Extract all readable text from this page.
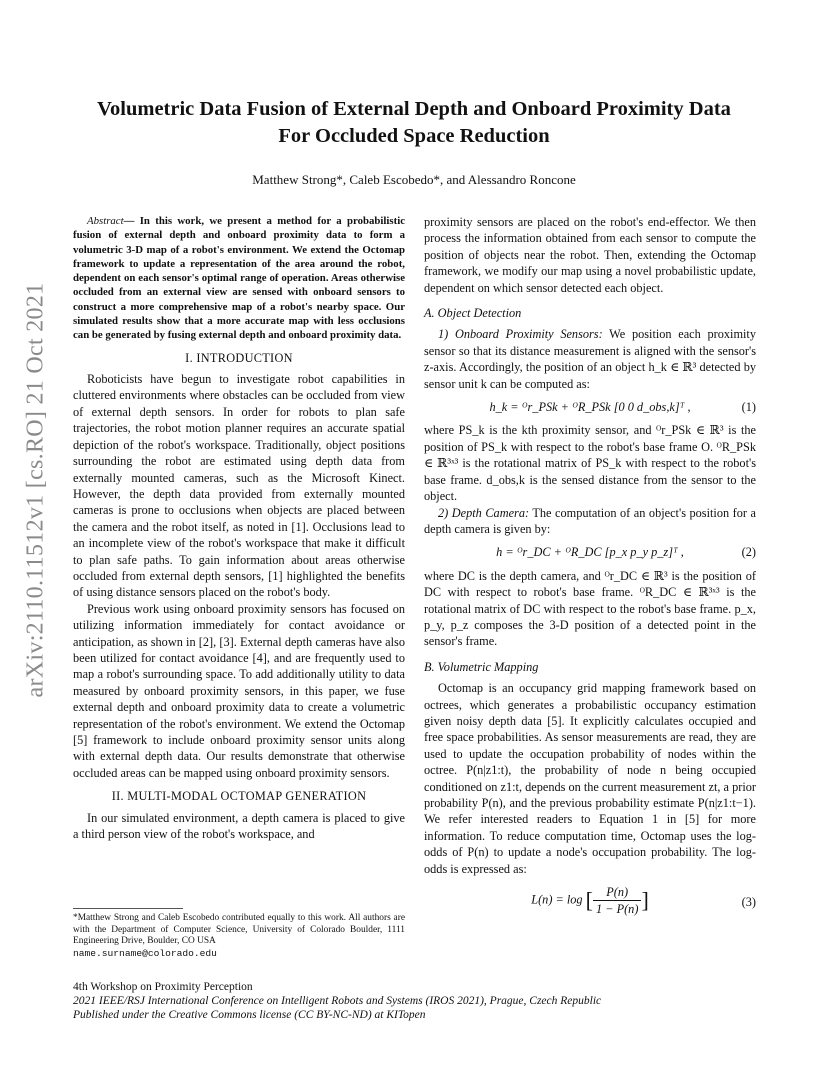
arXiv:2110.11512v1 [cs.RO] 21 Oct 2021
Volumetric Data Fusion of External Depth and Onboard Proximity Data For Occluded Space Reduction
Matthew Strong*, Caleb Escobedo*, and Alessandro Roncone

Abstract— In this work, we present a method for a probabilistic fusion of external depth and onboard proximity data to form a volumetric 3-D map of a robot's environment. We extend the Octomap framework to update a representation of the area around the robot, dependent on each sensor's optimal range of operation. Areas otherwise occluded from an external view are sensed with onboard sensors to construct a more comprehensive map of a robot's nearby space. Our simulated results show that a more accurate map with less occlusions can be generated by fusing external depth and onboard proximity data.

I. INTRODUCTION

Roboticists have begun to investigate robot capabilities in cluttered environments where obstacles can be occluded from view of external depth sensors. In order for robots to plan safe trajectories, the robot motion planner requires an accurate spatial depiction of the robot's workspace. Traditionally, object positions surrounding the robot are estimated using depth data from externally mounted cameras, such as the Microsoft Kinect. However, the depth data provided from externally mounted cameras is prone to occlusions when objects are placed between the camera and the robot itself, as noted in [1]. Occlusions lead to an incomplete view of the robot's workspace that make it difficult to plan safe paths. To gain information about areas otherwise occluded from external depth sensors, [1] highlighted the benefits of using distance sensors placed on the robot's body.

Previous work using onboard proximity sensors has focused on utilizing information immediately for contact avoidance or anticipation, as shown in [2], [3]. External depth cameras have also been utilized for contact avoidance [4], and are frequently used to map a robot's surrounding space. To add additionally utility to data measured by onboard proximity sensors, in this paper, we fuse external depth and onboard proximity data to create a volumetric representation of the robot's environment. We extend the Octomap [5] framework to include onboard proximity sensor units along with external depth data. Our results demonstrate that otherwise occluded areas can be mapped using onboard proximity sensors.

II. MULTI-MODAL OCTOMAP GENERATION

In our simulated environment, a depth camera is placed to give a third person view of the robot's workspace, and

proximity sensors are placed on the robot's end-effector. We then process the information obtained from each sensor to compute the position of objects near the robot. Then, extending the Octomap framework, we modify our map using a novel probabilistic update, dependent on which sensor detected each object.

A. Object Detection

1) Onboard Proximity Sensors: We position each proximity sensor so that its distance measurement is aligned with the sensor's z-axis. Accordingly, the position of an object h_k ∈ ℝ³ detected by sensor unit k can be computed as:

h_k = ᴼr_PSk + ᴼR_PSk [0 0 d_obs,k]ᵀ ,	(1)

where PS_k is the kth proximity sensor, and ᴼr_PSk ∈ ℝ³ is the position of PS_k with respect to the robot's base frame O. ᴼR_PSk ∈ ℝ³ˣ³ is the rotational matrix of PS_k with respect to the robot's base frame. d_obs,k is the sensed distance from the sensor to the object.

2) Depth Camera: The computation of an object's position for a depth camera is given by:

h = ᴼr_DC + ᴼR_DC [p_x p_y p_z]ᵀ ,	(2)

where DC is the depth camera, and ᴼr_DC ∈ ℝ³ is the position of DC with respect to robot's base frame. ᴼR_DC ∈ ℝ³ˣ³ is the rotational matrix of DC with respect to the robot's base frame. p_x, p_y, p_z composes the 3-D position of a detected point in the sensor's frame.

B. Volumetric Mapping

Octomap is an occupancy grid mapping framework based on octrees, which generates a probabilistic occupancy estimation given noisy depth data [5]. It explicitly calculates occupied and free space probabilities. As sensor measurements are read, they are used to update the occupation probability of nodes within the octree. P(n|z1:t), the probability of node n being occupied conditioned on z1:t, depends on the current measurement zt, a prior probability P(n), and the previous probability estimate P(n|z1:t−1). We refer interested readers to Equation 1 in [5] for more information. To reduce computation time, Octomap uses the log-odds of P(n) to update a node's occupation probability. The log-odds is expressed as:

L(n) = log [ $\frac{P(n)}{1 - P(n)}$ ]	(3)
*Matthew Strong and Caleb Escobedo contributed equally to this work. All authors are with the Department of Computer Science, University of Colorado Boulder, 1111 Engineering Drive, Boulder, CO USA
name.surname@colorado.edu
4th Workshop on Proximity Perception
2021 IEEE/RSJ International Conference on Intelligent Robots and Systems (IROS 2021), Prague, Czech Republic
Published under the Creative Commons license (CC BY-NC-ND) at KITopen
